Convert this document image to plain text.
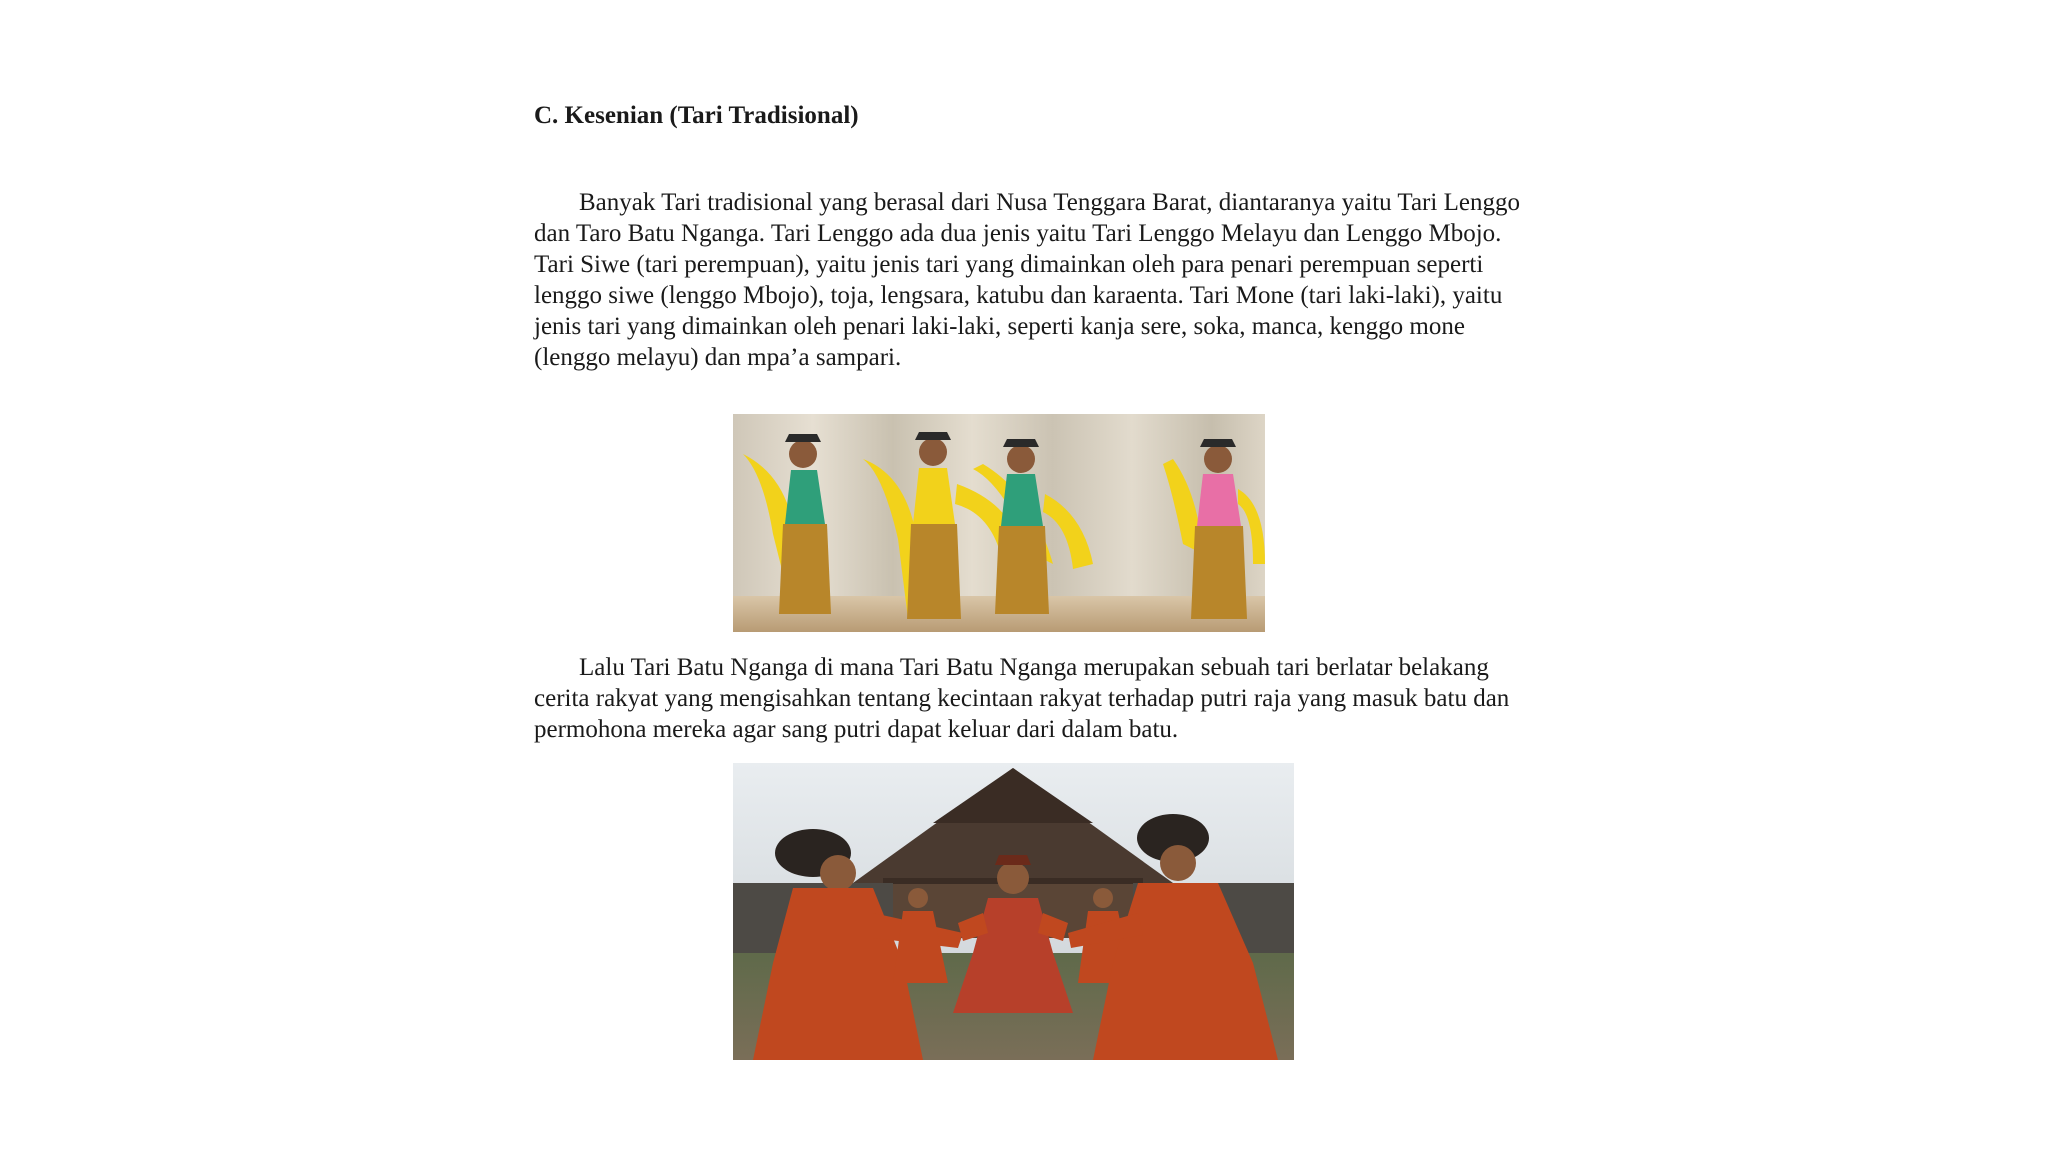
C. Kesenian (Tari Tradisional)

Banyak Tari tradisional yang berasal dari Nusa Tenggara Barat, diantaranya yaitu Tari Lenggo dan Taro Batu Nganga. Tari Lenggo ada dua jenis yaitu Tari Lenggo Melayu dan Lenggo Mbojo. Tari Siwe (tari perempuan), yaitu jenis tari yang dimainkan oleh para penari perempuan seperti lenggo siwe (lenggo Mbojo), toja, lengsara, katubu dan karaenta. Tari Mone (tari laki-laki), yaitu jenis tari yang dimainkan oleh penari laki-laki, seperti kanja sere, soka, manca, kenggo mone (lenggo melayu) dan mpa’a sampari.

Lalu Tari Batu Nganga di mana Tari Batu Nganga merupakan sebuah tari berlatar belakang cerita rakyat yang mengisahkan tentang kecintaan rakyat terhadap putri raja yang masuk batu dan permohona mereka agar sang putri dapat keluar dari dalam batu.
